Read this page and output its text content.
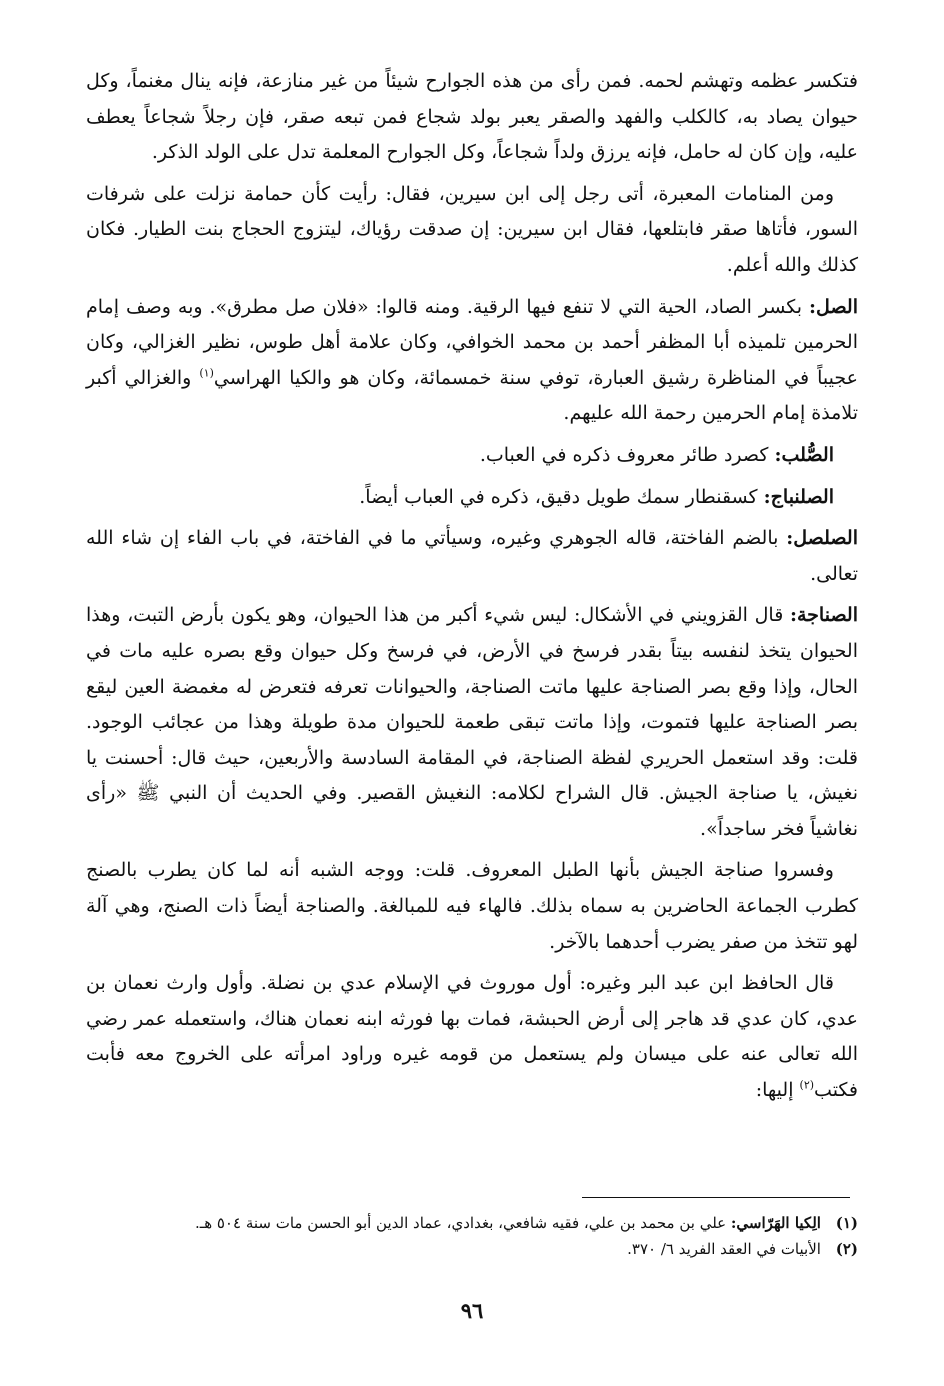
فتكسر عظمه وتهشم لحمه. فمن رأى من هذه الجوارح شيئاً من غير منازعة، فإنه ينال مغنماً، وكل حيوان يصاد به، كالكلب والفهد والصقر يعبر بولد شجاع فمن تبعه صقر، فإن رجلاً شجاعاً يعطف عليه، وإن كان له حامل، فإنه يرزق ولداً شجاعاً، وكل الجوارح المعلمة تدل على الولد الذكر.

ومن المنامات المعبرة، أتى رجل إلى ابن سيرين، فقال: رأيت كأن حمامة نزلت على شرفات السور، فأتاها صقر فابتلعها، فقال ابن سيرين: إن صدقت رؤياك، ليتزوج الحجاج بنت الطيار. فكان كذلك والله أعلم.

الصل: بكسر الصاد، الحية التي لا تنفع فيها الرقية. ومنه قالوا: «فلان صل مطرق». وبه وصف إمام الحرمين تلميذه أبا المظفر أحمد بن محمد الخوافي، وكان علامة أهل طوس، نظير الغزالي، وكان عجيباً في المناظرة رشيق العبارة، توفي سنة خمسمائة، وكان هو والكيا الهراسي$^{(١)}$ والغزالي أكبر تلامذة إمام الحرمين رحمة الله عليهم.

الصُّلب: كصرد طائر معروف ذكره في العباب.

الصلنباج: كسقنطار سمك طويل دقيق، ذكره في العباب أيضاً.

الصلصل: بالضم الفاختة، قاله الجوهري وغيره، وسيأتي ما في الفاختة، في باب الفاء إن شاء الله تعالى.

الصناجة: قال القزويني في الأشكال: ليس شيء أكبر من هذا الحيوان، وهو يكون بأرض التبت، وهذا الحيوان يتخذ لنفسه بيتاً بقدر فرسخ في الأرض، في فرسخ وكل حيوان وقع بصره عليه مات في الحال، وإذا وقع بصر الصناجة عليها ماتت الصناجة، والحيوانات تعرفه فتعرض له مغمضة العين ليقع بصر الصناجة عليها فتموت، وإذا ماتت تبقى طعمة للحيوان مدة طويلة وهذا من عجائب الوجود. قلت: وقد استعمل الحريري لفظة الصناجة، في المقامة السادسة والأربعين، حيث قال: أحسنت يا نغيش، يا صناجة الجيش. قال الشراح لكلامه: النغيش القصير. وفي الحديث أن النبي ﷺ «رأى نغاشياً فخر ساجداً».

وفسروا صناجة الجيش بأنها الطبل المعروف. قلت: ووجه الشبه أنه لما كان يطرب بالصنج كطرب الجماعة الحاضرين به سماه بذلك. فالهاء فيه للمبالغة. والصناجة أيضاً ذات الصنج، وهي آلة لهو تتخذ من صفر يضرب أحدهما بالآخر.

قال الحافظ ابن عبد البر وغيره: أول موروث في الإسلام عدي بن نضلة. وأول وارث نعمان بن عدي، كان عدي قد هاجر إلى أرض الحبشة، فمات بها فورثه ابنه نعمان هناك، واستعمله عمر رضي الله تعالى عنه على ميسان ولم يستعمل من قومه غيره وراود امرأته على الخروج معه فأبت فكتب$^{(٢)}$ إليها:

(١) الِكيا الهَرّاسي: علي بن محمد بن علي، فقيه شافعي، بغدادي، عماد الدين أبو الحسن مات سنة ٥٠٤ هـ.
(٢) الأبيات في العقد الفريد ٦/ ٣٧٠.
٩٦
